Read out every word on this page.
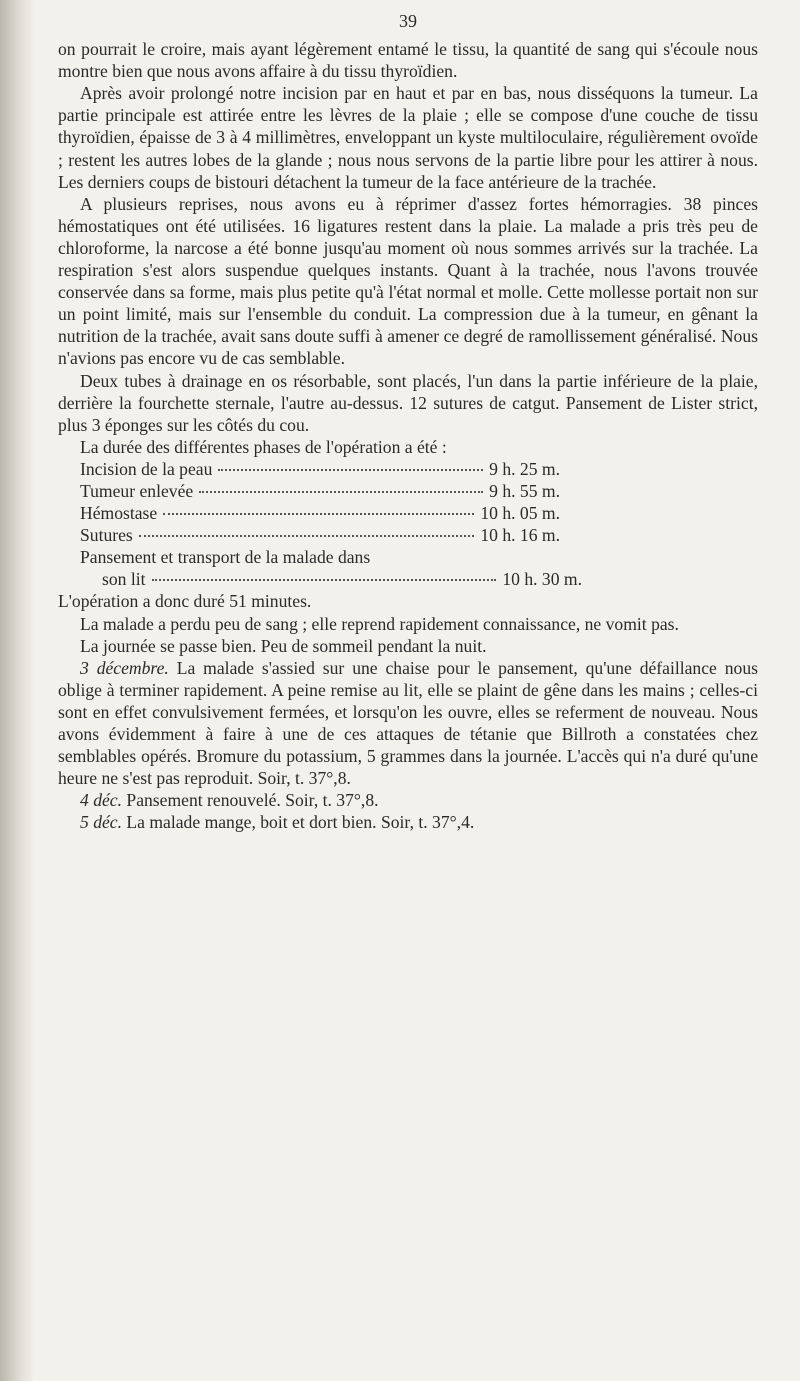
39

on pourrait le croire, mais ayant légèrement entamé le tissu, la quantité de sang qui s'écoule nous montre bien que nous avons affaire à du tissu thyroïdien.

Après avoir prolongé notre incision par en haut et par en bas, nous disséquons la tumeur. La partie principale est attirée entre les lèvres de la plaie ; elle se compose d'une couche de tissu thyroïdien, épaisse de 3 à 4 millimètres, enveloppant un kyste multiloculaire, régulièrement ovoïde ; restent les autres lobes de la glande ; nous nous servons de la partie libre pour les attirer à nous. Les derniers coups de bistouri détachent la tumeur de la face antérieure de la trachée.

A plusieurs reprises, nous avons eu à réprimer d'assez fortes hémorragies. 38 pinces hémostatiques ont été utilisées. 16 ligatures restent dans la plaie. La malade a pris très peu de chloroforme, la narcose a été bonne jusqu'au moment où nous sommes arrivés sur la trachée. La respiration s'est alors suspendue quelques instants. Quant à la trachée, nous l'avons trouvée conservée dans sa forme, mais plus petite qu'à l'état normal et molle. Cette mollesse portait non sur un point limité, mais sur l'ensemble du conduit. La compression due à la tumeur, en gênant la nutrition de la trachée, avait sans doute suffi à amener ce degré de ramollissement généralisé. Nous n'avions pas encore vu de cas semblable.

Deux tubes à drainage en os résorbable, sont placés, l'un dans la partie inférieure de la plaie, derrière la fourchette sternale, l'autre au-dessus. 12 sutures de catgut. Pansement de Lister strict, plus 3 éponges sur les côtés du cou.

La durée des différentes phases de l'opération a été :

Incision de la peau	9 h. 25 m.
Tumeur enlevée	9 h. 55 m.
Hémostase	10 h. 05 m.
Sutures	10 h. 16 m.
Pansement et transport de la malade dans
son lit	10 h. 30 m.

L'opération a donc duré 51 minutes.

La malade a perdu peu de sang ; elle reprend rapidement connaissance, ne vomit pas.

La journée se passe bien. Peu de sommeil pendant la nuit.

3 décembre. La malade s'assied sur une chaise pour le pansement, qu'une défaillance nous oblige à terminer rapidement. A peine remise au lit, elle se plaint de gêne dans les mains ; celles-ci sont en effet convulsivement fermées, et lorsqu'on les ouvre, elles se referment de nouveau. Nous avons évidemment à faire à une de ces attaques de tétanie que Billroth a constatées chez semblables opérés. Bromure du potassium, 5 grammes dans la journée. L'accès qui n'a duré qu'une heure ne s'est pas reproduit. Soir, t. 37°,8.

4 déc. Pansement renouvelé. Soir, t. 37°,8.

5 déc. La malade mange, boit et dort bien. Soir, t. 37°,4.
